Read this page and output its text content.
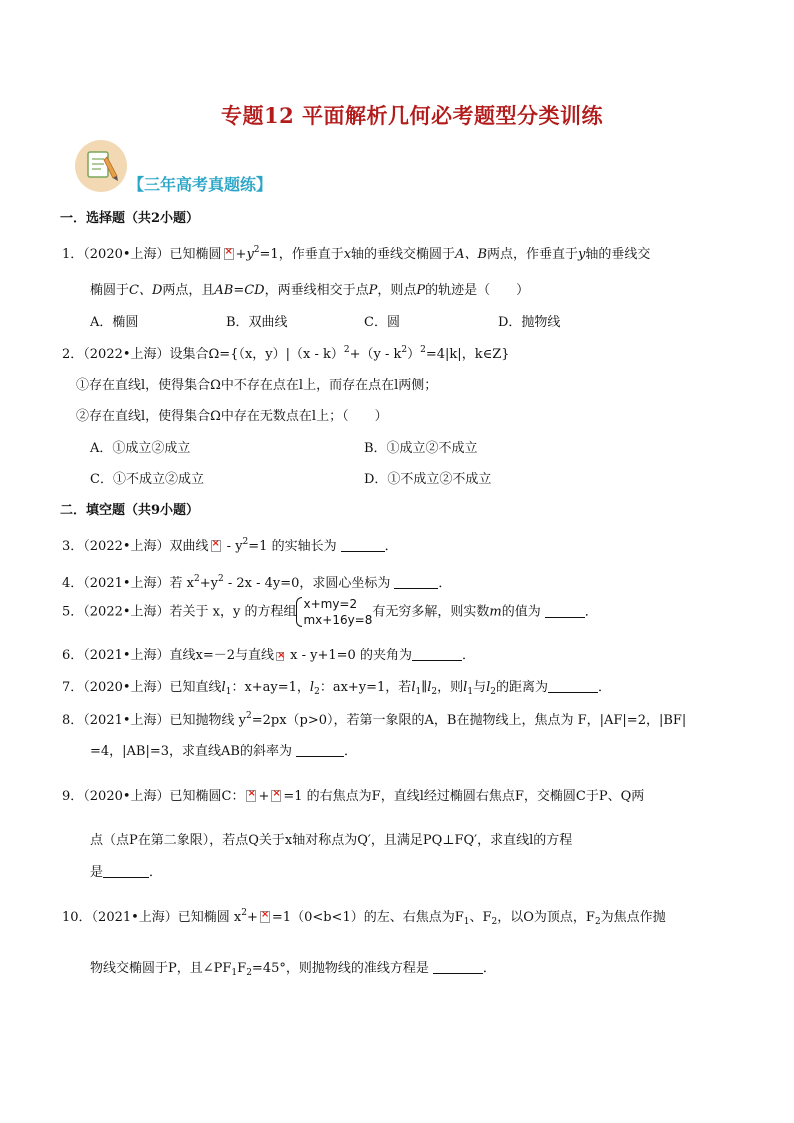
专题12 平面解析几何必考题型分类训练
【三年高考真题练】
一．选择题（共2小题）
1．（2020•上海）已知椭圆 × $+y^2=1$，作垂直于x轴的垂线交椭圆于A、B两点，作垂直于y轴的垂线交
椭圆于C、D两点，且AB=CD，两垂线相交于点P，则点P的轨迹是（　　）
A．椭圆	B．双曲线	C．圆	D．抛物线
2．（2022•上海）设集合Ω={（x，$y)|(x - k)^2+(y - k^2)^2=4|k|$，k∈Z}
①存在直线l，使得集合Ω中不存在点在l上，而存在点在l两侧；
②存在直线l，使得集合Ω中存在无数点在l上；（　　）
A．①成立②成立	B．①成立②不成立
C．①不成立②成立	D．①不成立②不成立
二．填空题（共9小题）
3．（2022•上海）双曲线× - $y^2=1$ 的实轴长为	．
4．（2021•上海）若 $x^2+y^2 - 2x - 4y=0$，求圆心坐标为	．
5．（2022•上海）若关于 x，y 的方程组x+my=2
mx+16y=8有无穷多解，则实数m的值为	．
6．（2021•上海）直线x=－2与直线× x - y+1=0 的夹角为	．
7．（2020•上海）已知直线$l_1$：x+ay=1，$l_2$：ax+y=1，若$l_1\parallel l_2$，则$l_1$与$l_2$的距离为	．
8．（2021•上海）已知抛物线 $y^2=2px(p>0)$，若第一象限的A，B在抛物线上，焦点为 F，|AF|=2，|BF|
=4，|AB|=3，求直线AB的斜率为	．
9．（2020•上海）已知椭圆C： × + × =1 的右焦点为F，直线l经过椭圆右焦点F，交椭圆C于P、Q两
点（点P在第二象限），若点Q关于x轴对称点为Q′，且满足PQ⊥FQ′，求直线l的方程
是	．
10．（2021•上海）已知椭圆 $x^2+ \times =1(0<b<1)$的左、右焦点为$F_1$、$F_2$，以O为顶点，$F_2$为焦点作抛
物线交椭圆于P，且$\angle PF_1F_2=45^\circ$，则抛物线的准线方程是	．
